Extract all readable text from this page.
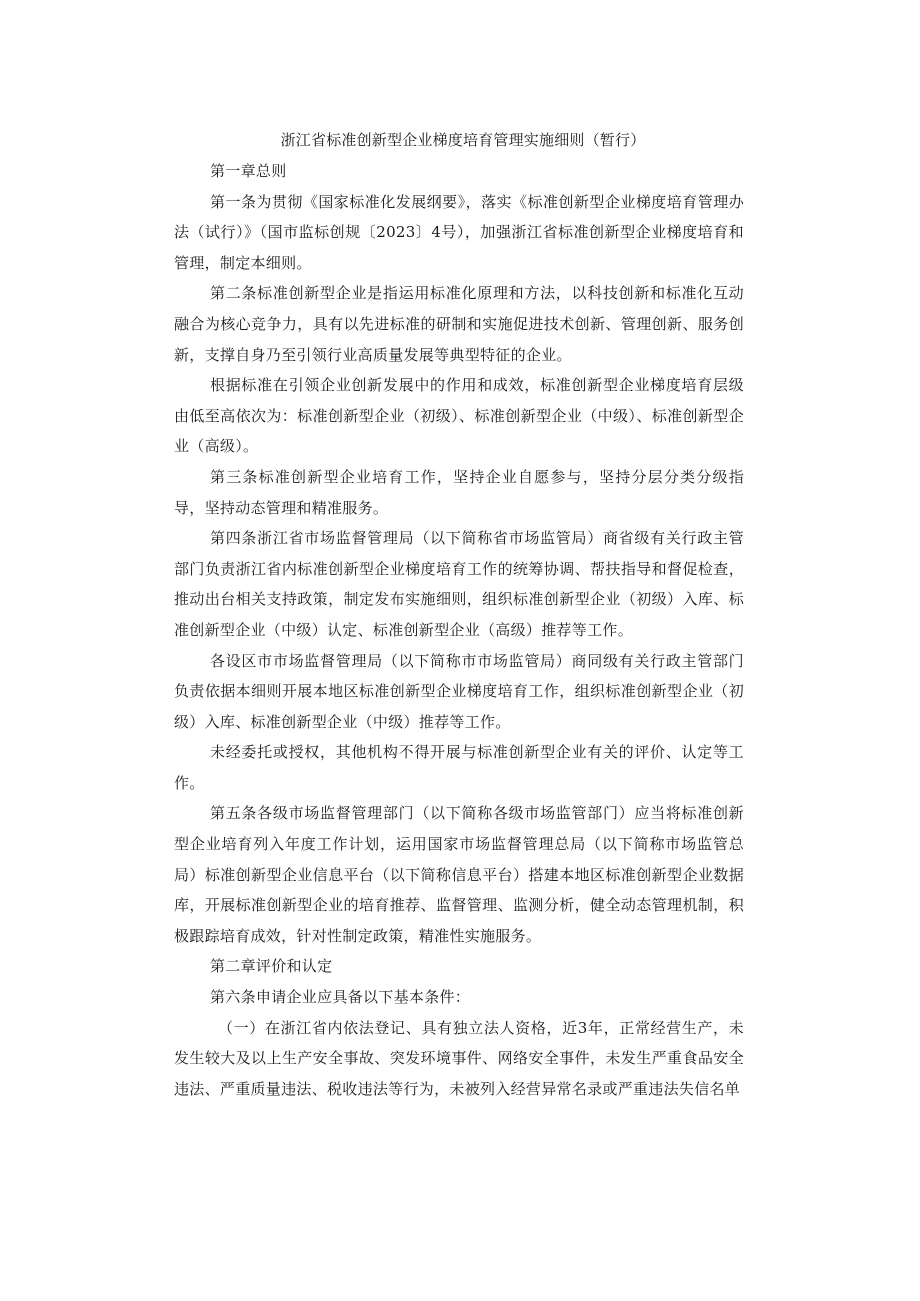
浙江省标准创新型企业梯度培育管理实施细则（暂行）

第一章总则

第一条为贯彻《国家标准化发展纲要》，落实《标准创新型企业梯度培育管理办法（试行）》（国市监标创规〔2023〕4号），加强浙江省标准创新型企业梯度培育和管理，制定本细则。

第二条标准创新型企业是指运用标准化原理和方法，以科技创新和标准化互动融合为核心竞争力，具有以先进标准的研制和实施促进技术创新、管理创新、服务创新，支撑自身乃至引领行业高质量发展等典型特征的企业。

根据标准在引领企业创新发展中的作用和成效，标准创新型企业梯度培育层级由低至高依次为：标准创新型企业（初级）、标准创新型企业（中级）、标准创新型企业（高级）。

第三条标准创新型企业培育工作，坚持企业自愿参与，坚持分层分类分级指导，坚持动态管理和精准服务。

第四条浙江省市场监督管理局（以下简称省市场监管局）商省级有关行政主管部门负责浙江省内标准创新型企业梯度培育工作的统筹协调、帮扶指导和督促检查，推动出台相关支持政策，制定发布实施细则，组织标准创新型企业（初级）入库、标准创新型企业（中级）认定、标准创新型企业（高级）推荐等工作。

各设区市市场监督管理局（以下简称市市场监管局）商同级有关行政主管部门负责依据本细则开展本地区标准创新型企业梯度培育工作，组织标准创新型企业（初级）入库、标准创新型企业（中级）推荐等工作。

未经委托或授权，其他机构不得开展与标准创新型企业有关的评价、认定等工作。

第五条各级市场监督管理部门（以下简称各级市场监管部门）应当将标准创新型企业培育列入年度工作计划，运用国家市场监督管理总局（以下简称市场监管总局）标准创新型企业信息平台（以下简称信息平台）搭建本地区标准创新型企业数据库，开展标准创新型企业的培育推荐、监督管理、监测分析，健全动态管理机制，积极跟踪培育成效，针对性制定政策，精准性实施服务。

第二章评价和认定

第六条申请企业应具备以下基本条件：

（一）在浙江省内依法登记、具有独立法人资格，近3年，正常经营生产，未发生较大及以上生产安全事故、突发环境事件、网络安全事件，未发生严重食品安全违法、严重质量违法、税收违法等行为，未被列入经营异常名录或严重违法失信名单
